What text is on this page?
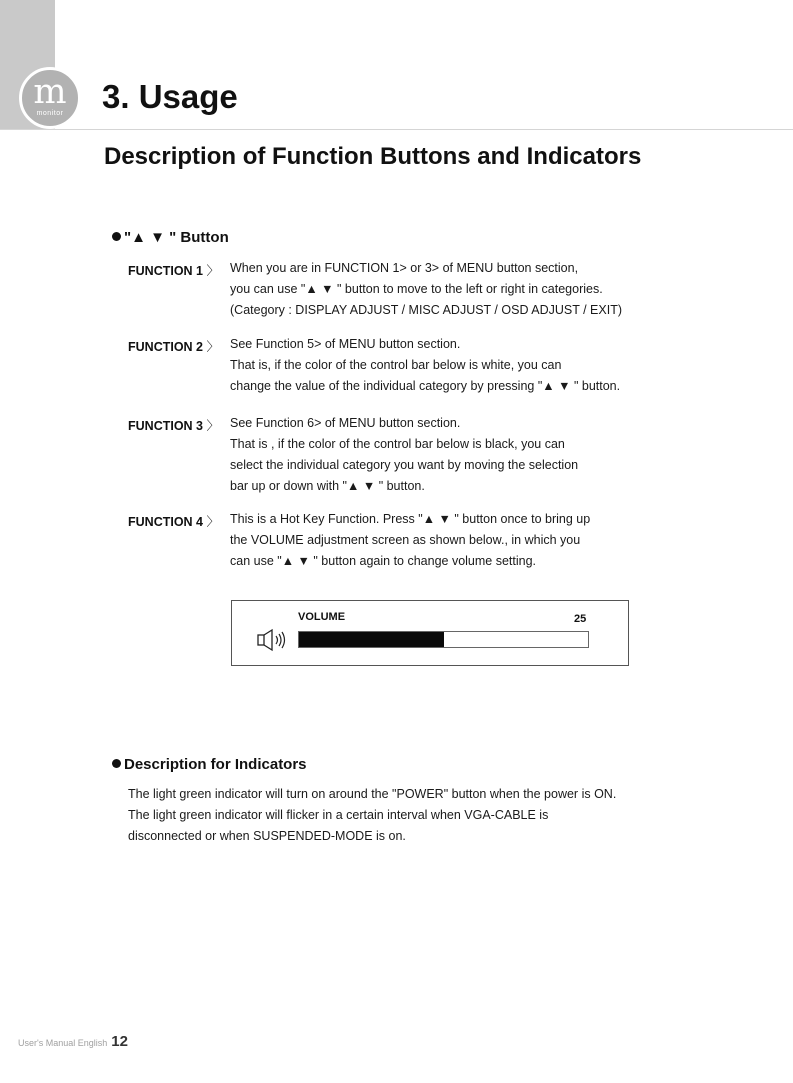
m
monitor	3. Usage
Description of Function Buttons and Indicators
"▲ ▼ " Button
FUNCTION 1 〉 When you are in FUNCTION 1> or 3> of MENU button section,
you can use "▲ ▼ " button to move to the left or right in categories.
(Category : DISPLAY ADJUST / MISC ADJUST / OSD ADJUST / EXIT)
FUNCTION 2 〉 See Function 5> of MENU button section.
That is, if the color of the control bar below is white, you can
change the value of the individual category by pressing "▲ ▼ " button.
FUNCTION 3 〉 See Function 6> of MENU button section.
That is , if the color of the control bar below is black, you can
select the individual category you want by moving the selection
bar up or down with "▲ ▼ " button.
FUNCTION 4 〉 This is a Hot Key Function. Press "▲ ▼ " button once to bring up
the VOLUME adjustment screen as shown below., in which you
can use "▲ ▼ " button again to change volume setting.
VOLUME	25
Description for Indicators
The light green indicator will turn on around the "POWER" button when the power is ON.
The light green indicator will flicker in a certain interval when VGA-CABLE is
disconnected or when SUSPENDED-MODE is on.
User's Manual English 12
